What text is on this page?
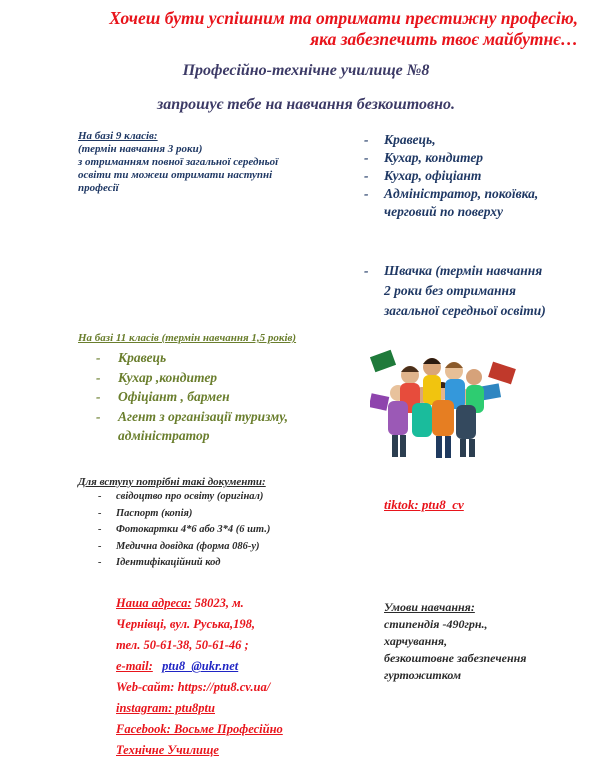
Хочеш бути успішним та отримати престижну професію,
яка забезпечить твоє майбутнє…
Професійно-технічне училище №8
запрошує тебе на навчання безкоштовно.
На базі 9 класів:
(термін навчання 3 роки)
з отриманням повної загальної середньої
освіти ти можеш отримати наступні
професії
- Кравець,
- Кухар, кондитер
- Кухар, офіціант
- Адміністратор, покоївка,
черговий по поверху
- Швачка (термін навчання
2 роки без отримання
загальної середньої освіти)
На базі 11 класів (термін навчання 1,5 років)
- Кравець
- Кухар ,кондитер
- Офіціант , бармен
- Агент з організації туризму,
адміністратор
Для вступу потрібні такі документи:
- свідоцтво про освіту (оригінал)
- Паспорт (копія)
- Фотокартки 4*6 або 3*4 (6 шт.)
- Медична довідка (форма 086-у)
- Ідентифікаційний код
tiktok: ptu8_cv
Наша адреса: 58023, м.
Чернівці, вул. Руська,198,
тел. 50-61-38, 50-61-46 ;
e-mail: ptu8_@ukr.net
Web-сайт: https://ptu8.cv.ua/
instagram: ptu8ptu
Facebook: Восьме Професійно
Технічне Училище
Умови навчання:
стипендія -490грн.,
харчування,
безкоштовне забезпечення
гуртожитком
